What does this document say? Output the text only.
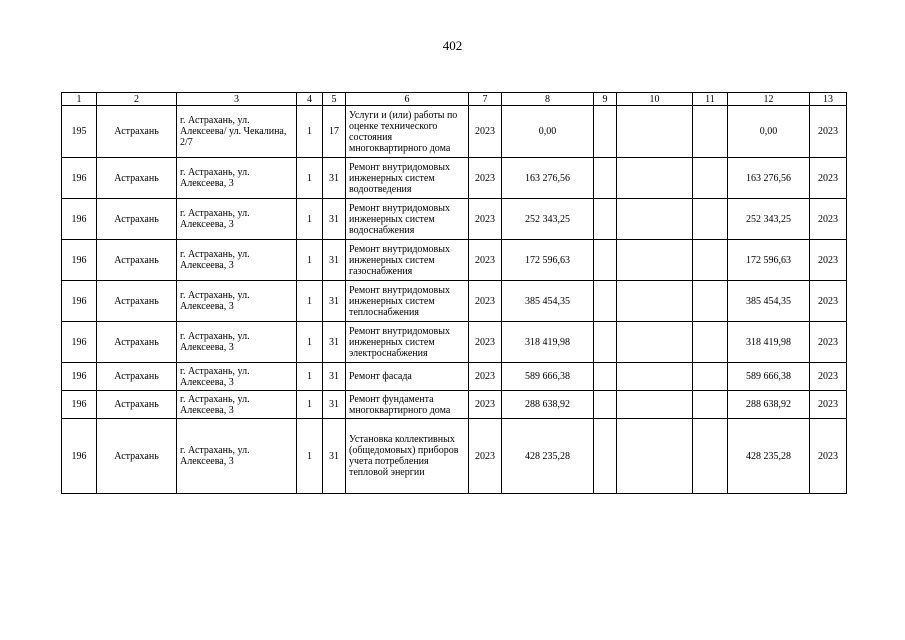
402
1	2	3	4	5	6	7	8	9	10	11	12	13
195	Астрахань	г. Астрахань, ул. Алексеева/ ул. Чекалина, 2/7	1	17	Услуги и (или) работы по оценке технического состояния многоквартирного дома	2023	0,00				0,00	2023
196	Астрахань	г. Астрахань, ул. Алексеева, 3	1	31	Ремонт внутридомовых инженерных систем водоотведения	2023	163 276,56				163 276,56	2023
196	Астрахань	г. Астрахань, ул. Алексеева, 3	1	31	Ремонт внутридомовых инженерных систем водоснабжения	2023	252 343,25				252 343,25	2023
196	Астрахань	г. Астрахань, ул. Алексеева, 3	1	31	Ремонт внутридомовых инженерных систем газоснабжения	2023	172 596,63				172 596,63	2023
196	Астрахань	г. Астрахань, ул. Алексеева, 3	1	31	Ремонт внутридомовых инженерных систем теплоснабжения	2023	385 454,35				385 454,35	2023
196	Астрахань	г. Астрахань, ул. Алексеева, 3	1	31	Ремонт внутридомовых инженерных систем электроснабжения	2023	318 419,98				318 419,98	2023
196	Астрахань	г. Астрахань, ул. Алексеева, 3	1	31	Ремонт фасада	2023	589 666,38				589 666,38	2023
196	Астрахань	г. Астрахань, ул. Алексеева, 3	1	31	Ремонт фундамента многоквартирного дома	2023	288 638,92				288 638,92	2023
196	Астрахань	г. Астрахань, ул. Алексеева, 3	1	31	Установка коллективных (общедомовых) приборов учета потребления тепловой энергии	2023	428 235,28				428 235,28	2023
